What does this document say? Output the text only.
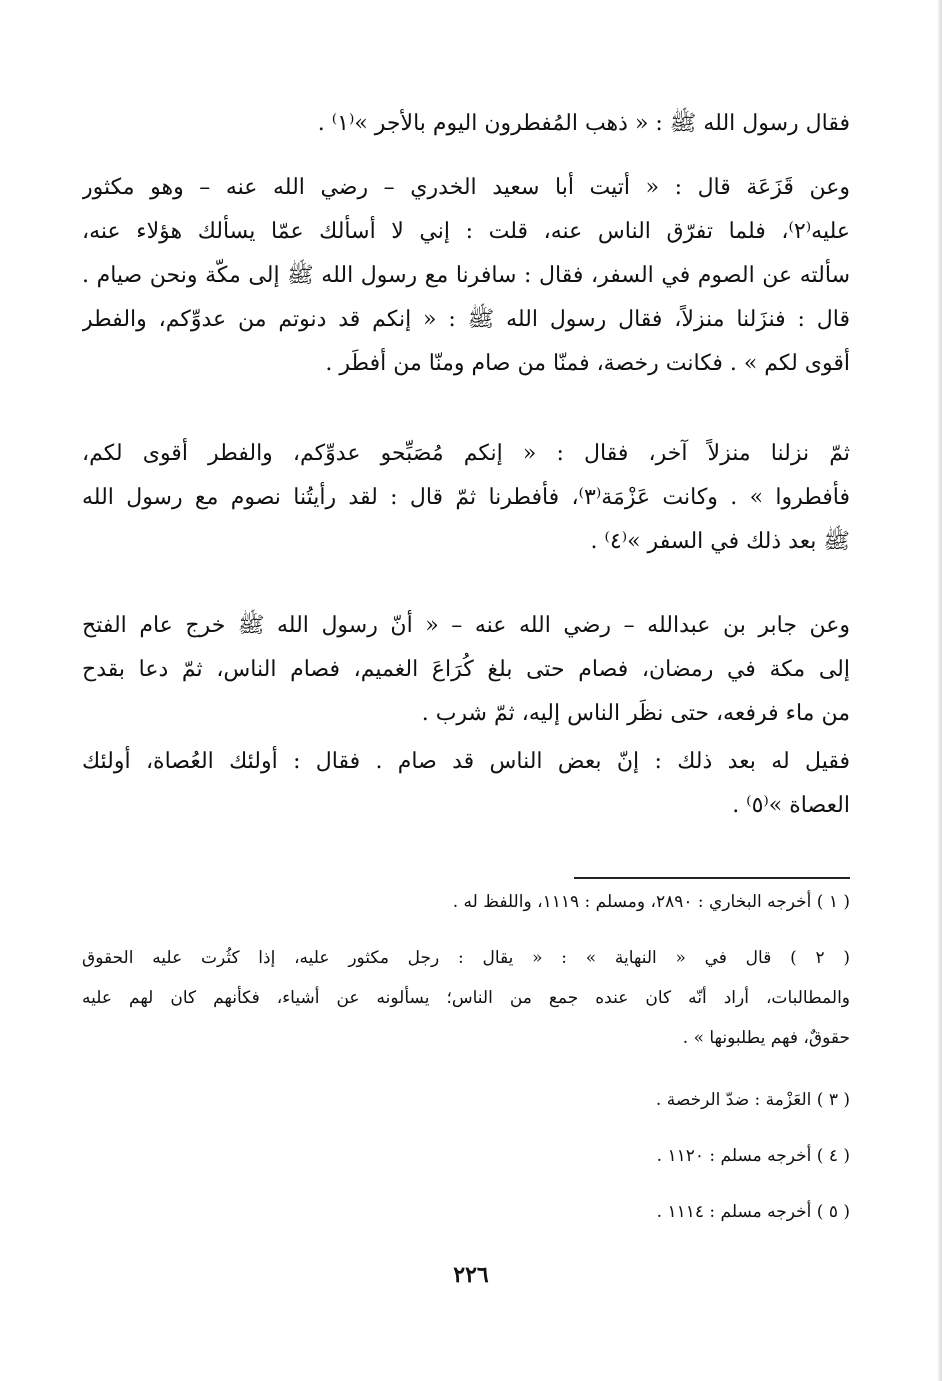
فقال رسول الله ﷺ : « ذهب المُفطرون اليوم بالأجر »⁽١⁾ .

وعن قَزَعَة قال : « أتيت أبا سعيد الخدري – رضي الله عنه – وهو مكثور
عليه⁽٢⁾، فلما تفرّق الناس عنه، قلت : إني لا أسألك عمّا يسألك هؤلاء عنه،
سألته عن الصوم في السفر، فقال : سافرنا مع رسول الله ﷺ إلى مكّة ونحن صيام .
قال : فنزَلنا منزلاً، فقال رسول الله ﷺ : « إنكم قد دنوتم من عدوِّكم، والفطر
أقوى لكم » . فكانت رخصة، فمنّا من صام ومنّا من أفطَر .

ثمّ نزلنا منزلاً آخر، فقال : « إنكم مُصَبِّحو عدوِّكم، والفطر أقوى لكم،
فأفطروا » . وكانت عَزْمَة⁽٣⁾، فأفطرنا ثمّ قال : لقد رأيتُنا نصوم مع رسول الله
ﷺ بعد ذلك في السفر »⁽٤⁾ .

وعن جابر بن عبدالله – رضي الله عنه – « أنّ رسول الله ﷺ خرج عام الفتح
إلى مكة في رمضان، فصام حتى بلغ كُرَاعَ الغميم، فصام الناس، ثمّ دعا بقدح
من ماء فرفعه، حتى نظَر الناس إليه، ثمّ شرب .

فقيل له بعد ذلك : إنّ بعض الناس قد صام . فقال : أولئك العُصاة، أولئك
العصاة »⁽٥⁾ .

( ١ ) أخرجه البخاري : ٢٨٩٠، ومسلم : ١١١٩، واللفظ له .

( ٢ ) قال في « النهاية » : « يقال : رجل مكثور عليه، إذا كثُرت عليه الحقوق
والمطالبات، أراد أنّه كان عنده جمع من الناس؛ يسألونه عن أشياء، فكأنهم كان لهم عليه
حقوقٌ، فهم يطلبونها » .

( ٣ ) العَزْمة : ضدّ الرخصة .

( ٤ ) أخرجه مسلم : ١١٢٠ .

( ٥ ) أخرجه مسلم : ١١١٤ .

٢٢٦
